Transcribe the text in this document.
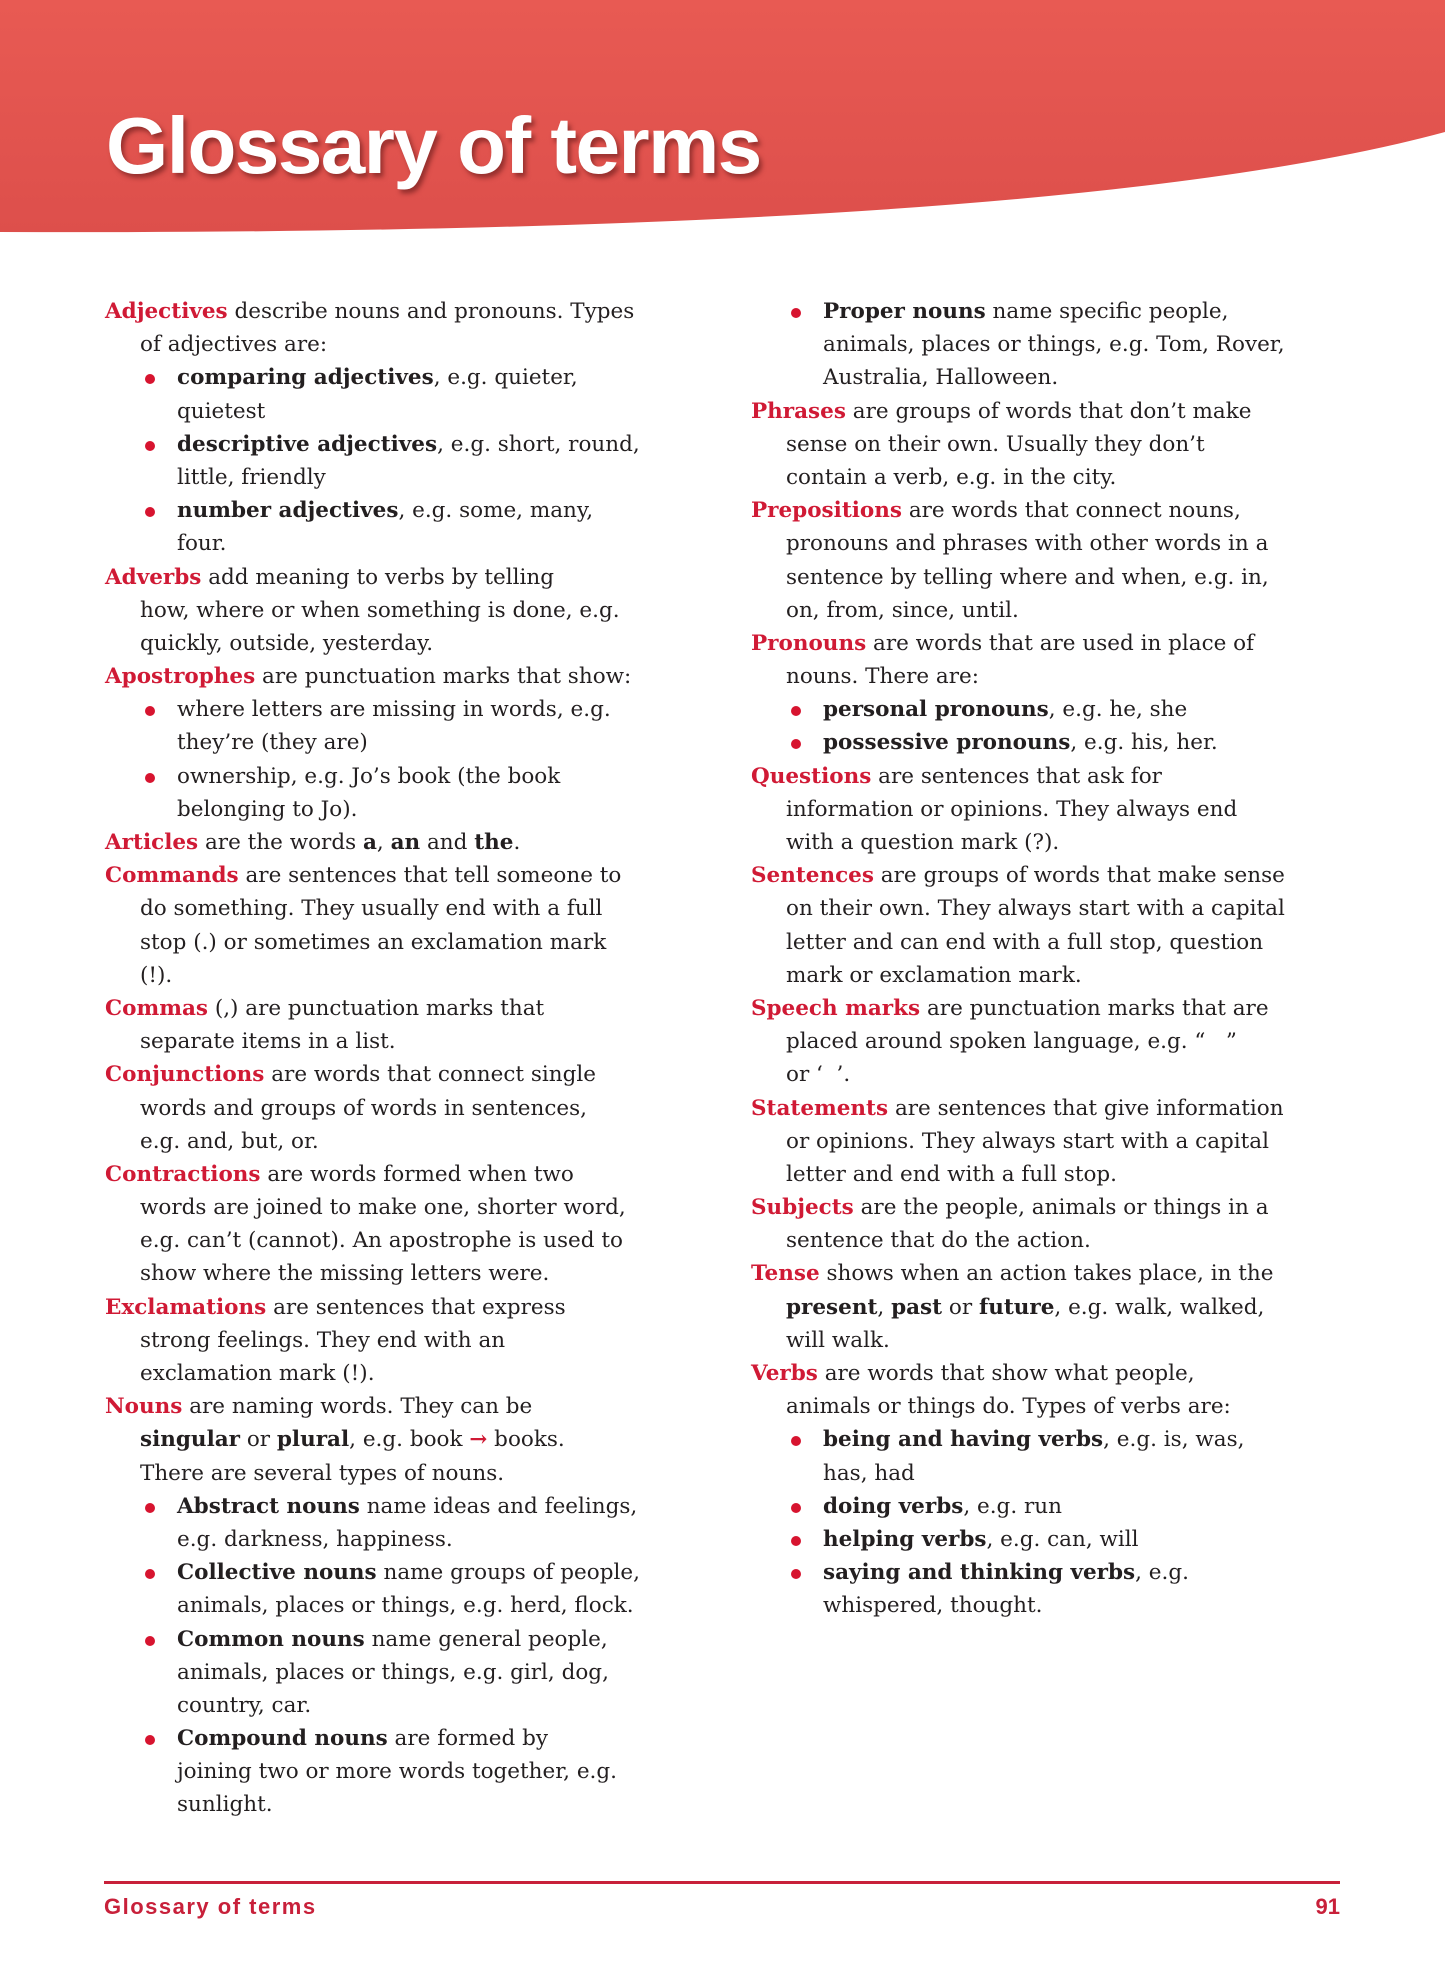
Glossary of terms
Adjectives describe nouns and pronouns. Types
of adjectives are:
comparing adjectives, e.g. quieter,
quietest
descriptive adjectives, e.g. short, round,
little, friendly
number adjectives, e.g. some, many,
four.
Adverbs add meaning to verbs by telling
how, where or when something is done, e.g.
quickly, outside, yesterday.
Apostrophes are punctuation marks that show:
where letters are missing in words, e.g.
they’re (they are)
ownership, e.g. Jo’s book (the book
belonging to Jo).
Articles are the words a, an and the.
Commands are sentences that tell someone to
do something. They usually end with a full
stop (.) or sometimes an exclamation mark
(!).
Commas (,) are punctuation marks that
separate items in a list.
Conjunctions are words that connect single
words and groups of words in sentences,
e.g. and, but, or.
Contractions are words formed when two
words are joined to make one, shorter word,
e.g. can’t (cannot). An apostrophe is used to
show where the missing letters were.
Exclamations are sentences that express
strong feelings. They end with an
exclamation mark (!).
Nouns are naming words. They can be
singular or plural, e.g. book → books.
There are several types of nouns.
Abstract nouns name ideas and feelings,
e.g. darkness, happiness.
Collective nouns name groups of people,
animals, places or things, e.g. herd, flock.
Common nouns name general people,
animals, places or things, e.g. girl, dog,
country, car.
Compound nouns are formed by
joining two or more words together, e.g.
sunlight.
Proper nouns name specific people,
animals, places or things, e.g. Tom, Rover,
Australia, Halloween.
Phrases are groups of words that don’t make
sense on their own. Usually they don’t
contain a verb, e.g. in the city.
Prepositions are words that connect nouns,
pronouns and phrases with other words in a
sentence by telling where and when, e.g. in,
on, from, since, until.
Pronouns are words that are used in place of
nouns. There are:
personal pronouns, e.g. he, she
possessive pronouns, e.g. his, her.
Questions are sentences that ask for
information or opinions. They always end
with a question mark (?).
Sentences are groups of words that make sense
on their own. They always start with a capital
letter and can end with a full stop, question
mark or exclamation mark.
Speech marks are punctuation marks that are
placed around spoken language, e.g. “   ”
or ‘  ’.
Statements are sentences that give information
or opinions. They always start with a capital
letter and end with a full stop.
Subjects are the people, animals or things in a
sentence that do the action.
Tense shows when an action takes place, in the
present, past or future, e.g. walk, walked,
will walk.
Verbs are words that show what people,
animals or things do. Types of verbs are:
being and having verbs, e.g. is, was,
has, had
doing verbs, e.g. run
helping verbs, e.g. can, will
saying and thinking verbs, e.g.
whispered, thought.
Glossary of terms	91
